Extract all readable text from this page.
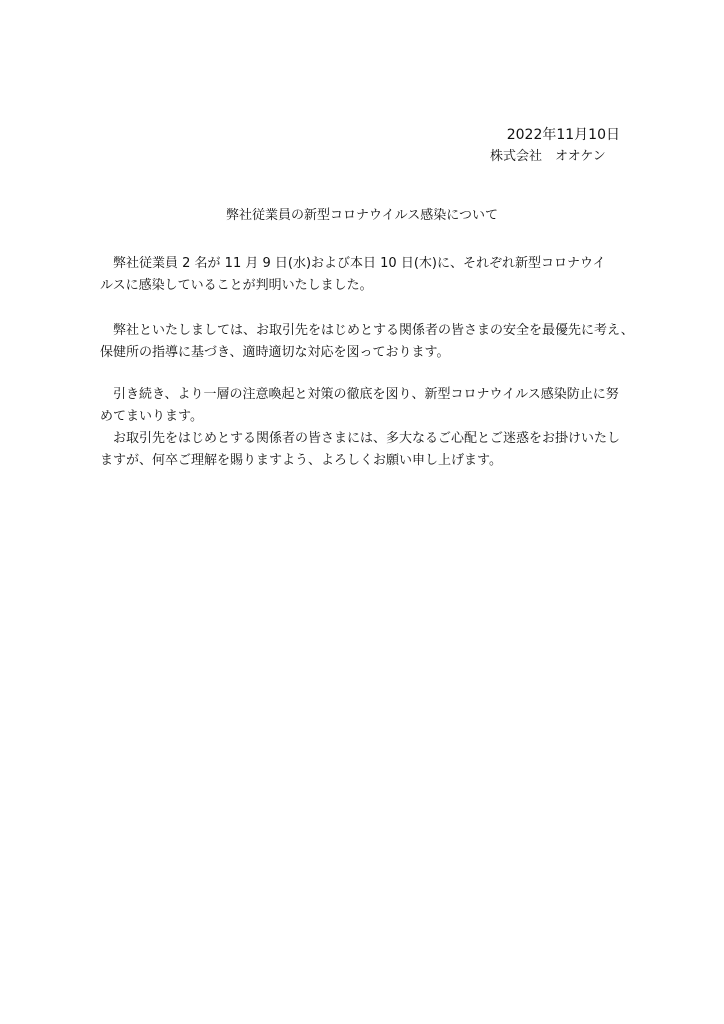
2022年11月10日
株式会社　オオケン
弊社従業員の新型コロナウイルス感染について

　弊社従業員 2 名が 11 月 9 日(水)および本日 10 日(木)に、それぞれ新型コロナウイ
ルスに感染していることが判明いたしました。

　弊社といたしましては、お取引先をはじめとする関係者の皆さまの安全を最優先に考え、
保健所の指導に基づき、適時適切な対応を図っております。

　引き続き、より一層の注意喚起と対策の徹底を図り、新型コロナウイルス感染防止に努
めてまいります。

　お取引先をはじめとする関係者の皆さまには、多大なるご心配とご迷惑をお掛けいたし
ますが、何卒ご理解を賜りますよう、よろしくお願い申し上げます。
